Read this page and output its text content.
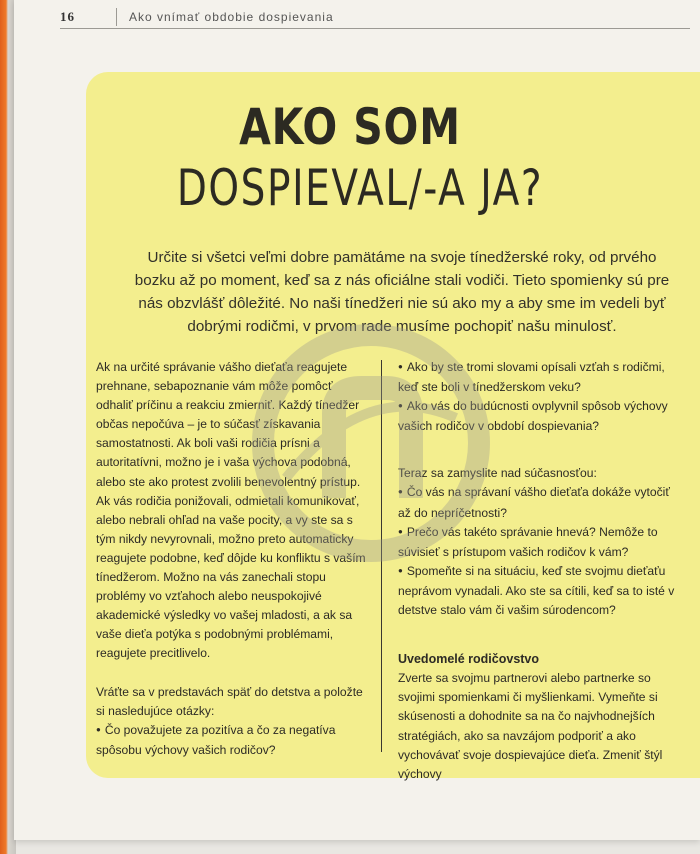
16	Ako vnímať obdobie dospievania
AKO SOM
DOSPIEVAL/-A JA?

Určite si všetci veľmi dobre pamätáme na svoje tínedžerské roky, od prvého bozku až po moment, keď sa z nás oficiálne stali vodiči. Tieto spomienky sú pre nás obzvlášť dôležité. No naši tínedžeri nie sú ako my a aby sme im vedeli byť dobrými rodičmi, v prvom rade musíme pochopiť našu minulosť.

Ak na určité správanie vášho dieťaťa reagujete prehnane, sebapoznanie vám môže pomôcť odhaliť príčinu a reakciu zmierniť. Každý tínedžer občas nepočúva – je to súčasť získavania samostatnosti. Ak boli vaši rodičia prísni a autoritatívni, možno je i vaša výchova podobná, alebo ste ako protest zvolili benevolentný prístup. Ak vás rodičia ponižovali, odmietali komunikovať, alebo nebrali ohľad na vaše pocity, a vy ste sa s tým nikdy nevyrovnali, možno preto automaticky reagujete podobne, keď dôjde ku konfliktu s vaším tínedžerom. Možno na vás zanechali stopu problémy vo vzťahoch alebo neuspokojivé akademické výsledky vo vašej mladosti, a ak sa vaše dieťa potýka s podobnými problémami, reagujete precitlivelo.

Vráťte sa v predstavách späť do detstva a položte si nasledujúce otázky:

● Čo považujete za pozitíva a čo za negatíva spôsobu výchovy vašich rodičov?

● Ako by ste tromi slovami opísali vzťah s rodičmi, keď ste boli v tínedžerskom veku?

● Ako vás do budúcnosti ovplyvnil spôsob výchovy vašich rodičov v období dospievania?

Teraz sa zamyslite nad súčasnosťou:

● Čo vás na správaní vášho dieťaťa dokáže vytočiť až do nepríčetnosti?

● Prečo vás takéto správanie hnevá? Nemôže to súvisieť s prístupom vašich rodičov k vám?

● Spomeňte si na situáciu, keď ste svojmu dieťaťu neprávom vynadali. Ako ste sa cítili, keď sa to isté v detstve stalo vám či vašim súrodencom?

Uvedomelé rodičovstvo

Zverte sa svojmu partnerovi alebo partnerke so svojimi spomienkami či myšlienkami. Vymeňte si skúsenosti a dohodnite sa na čo najvhodnejších stratégiách, ako sa navzájom podporiť a ako vychovávať svoje dospievajúce dieťa. Zmeniť štýl výchovy
